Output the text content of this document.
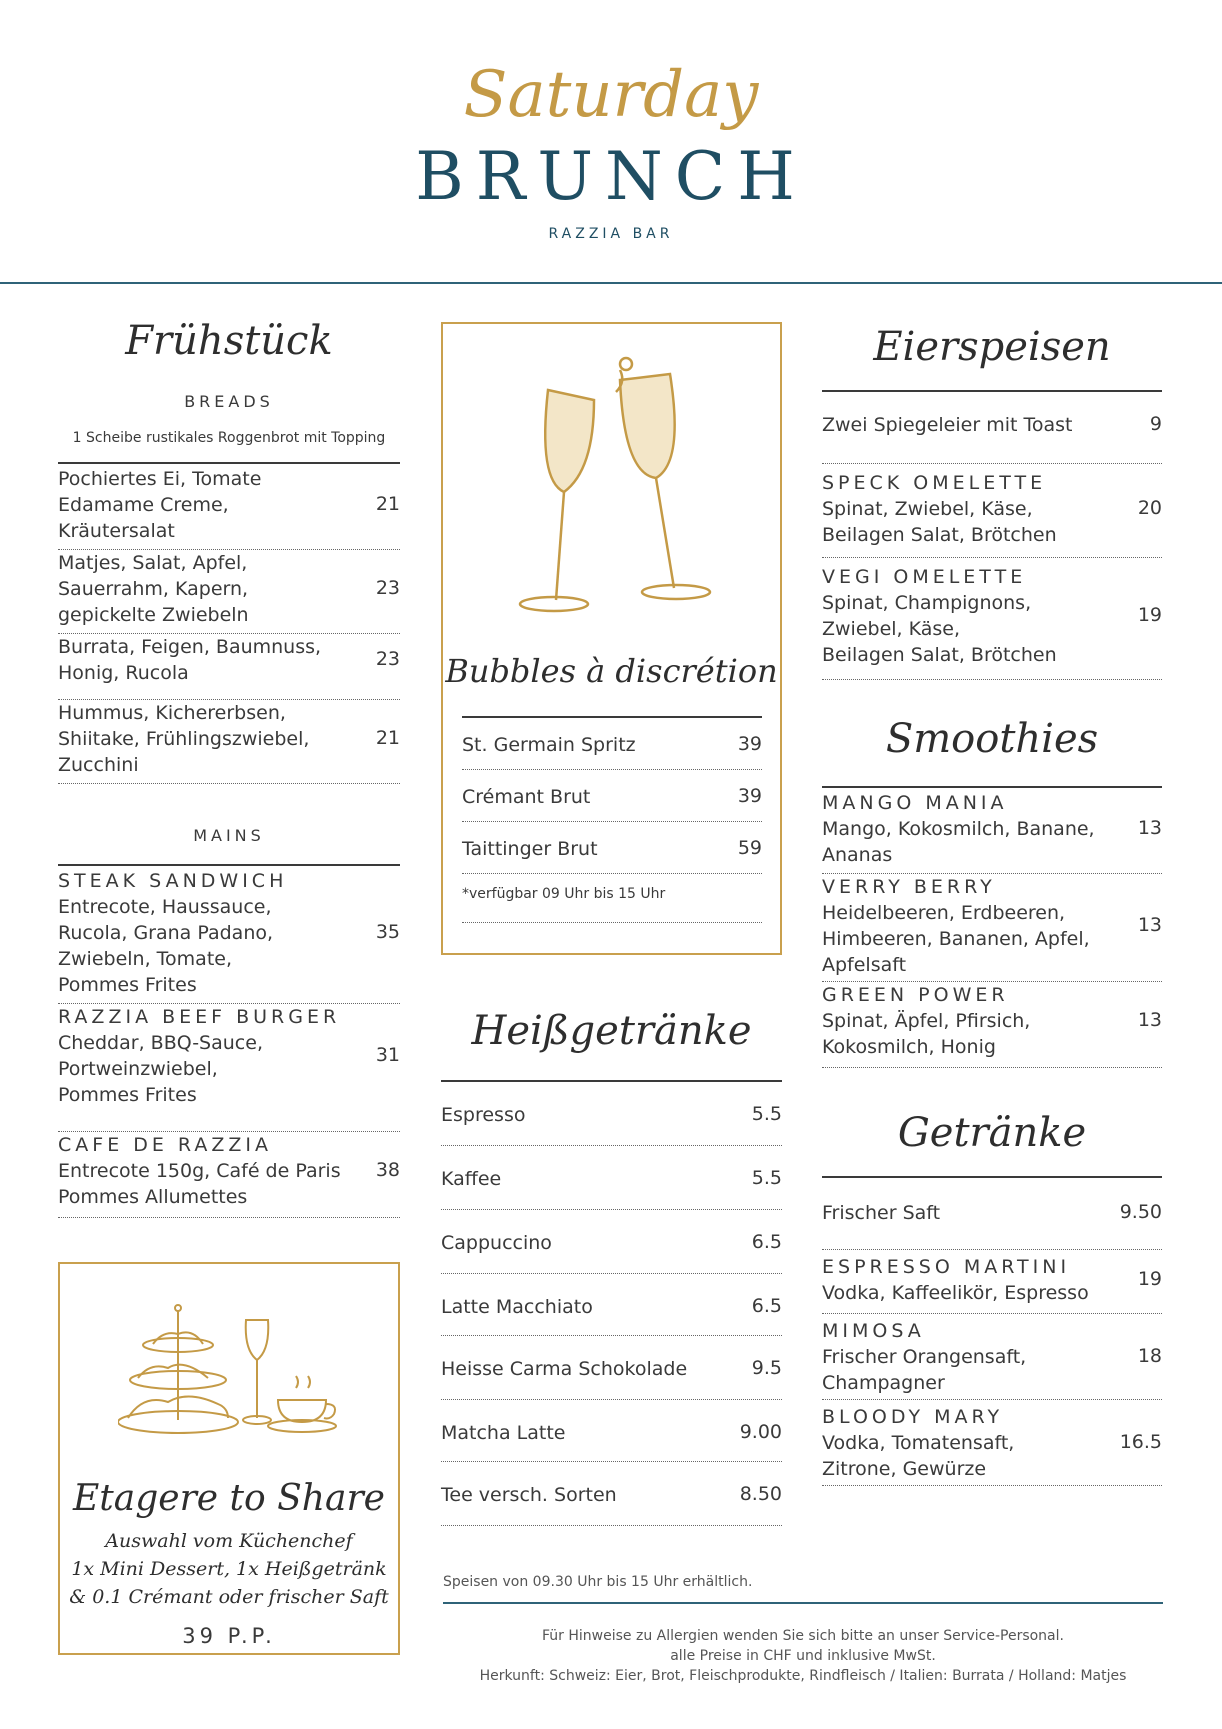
Saturday
BRUNCH
RAZZIA BAR
Frühstück
BREADS
1 Scheibe rustikales Roggenbrot mit Topping
Pochiertes Ei, Tomate
Edamame Creme,
Kräutersalat
21
Matjes, Salat, Apfel,
Sauerrahm, Kapern,
gepickelte Zwiebeln
23
Burrata, Feigen, Baumnuss,
Honig, Rucola
23
Hummus, Kichererbsen,
Shiitake, Frühlingszwiebel,
Zucchini
21
MAINS
STEAK SANDWICH
Entrecote, Haussauce,
Rucola, Grana Padano,
Zwiebeln, Tomate,
Pommes Frites
35
RAZZIA BEEF BURGER
Cheddar, BBQ-Sauce,
Portweinzwiebel,
Pommes Frites
31
CAFE DE RAZZIA
Entrecote 150g, Café de Paris
Pommes Allumettes
38
Etagere to Share
Auswahl vom Küchenchef
1x Mini Dessert, 1x Heißgetränk
& 0.1 Crémant oder frischer Saft
39 P.P.
Bubbles à discrétion
St. Germain Spritz	39
Crémant Brut	39
Taittinger Brut	59
*verfügbar 09 Uhr bis 15 Uhr
Heißgetränke
Espresso	5.5
Kaffee	5.5
Cappuccino	6.5
Latte Macchiato	6.5
Heisse Carma Schokolade	9.5
Matcha Latte	9.00
Tee versch. Sorten	8.50
Eierspeisen
Zwei Spiegeleier mit Toast	9
SPECK OMELETTE
Spinat, Zwiebel, Käse,
Beilagen Salat, Brötchen
20
VEGI OMELETTE
Spinat, Champignons,
Zwiebel, Käse,
Beilagen Salat, Brötchen
19
Smoothies
MANGO MANIA
Mango, Kokosmilch, Banane,
Ananas
13
VERRY BERRY
Heidelbeeren, Erdbeeren,
Himbeeren, Bananen, Apfel,
Apfelsaft
13
GREEN POWER
Spinat, Äpfel, Pfirsich,
Kokosmilch, Honig
13
Getränke
Frischer Saft	9.50
ESPRESSO MARTINI
Vodka, Kaffeelikör, Espresso
19
MIMOSA
Frischer Orangensaft,
Champagner
18
BLOODY MARY
Vodka, Tomatensaft,
Zitrone, Gewürze
16.5
Speisen von 09.30 Uhr bis 15 Uhr erhältlich.
Für Hinweise zu Allergien wenden Sie sich bitte an unser Service-Personal.
alle Preise in CHF und inklusive MwSt.
Herkunft: Schweiz: Eier, Brot, Fleischprodukte, Rindfleisch / Italien: Burrata / Holland: Matjes
